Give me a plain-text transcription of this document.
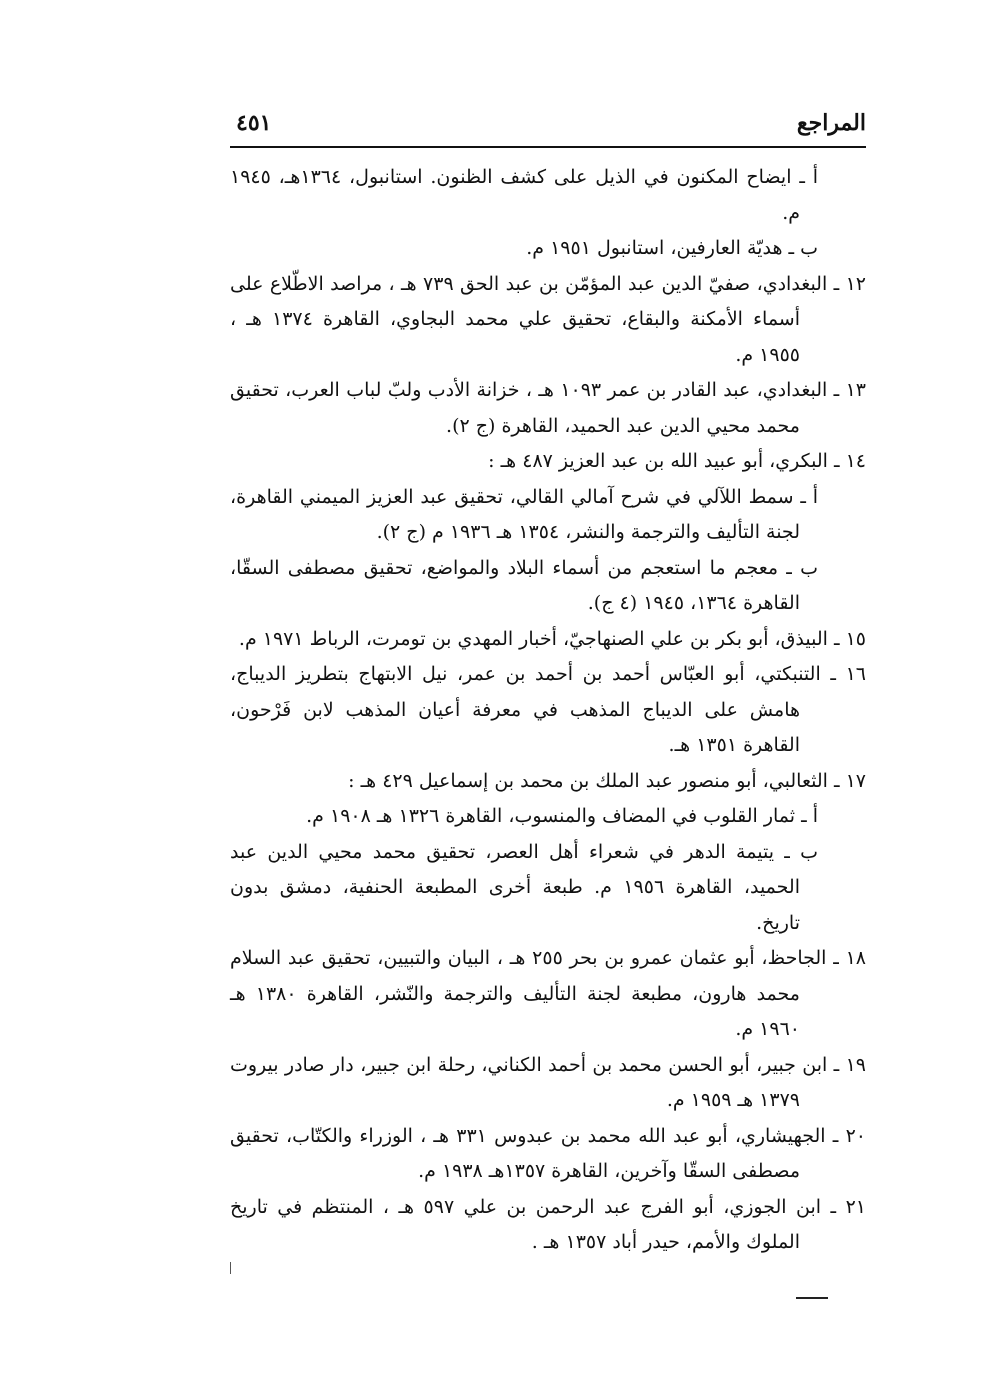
المراجع
٤٥١
أ ـ ايضاح المكنون في الذيل على كشف الظنون. استانبول، ١٣٦٤هـ، ١٩٤٥ م.
ب ـ هديّة العارفين، استانبول ١٩٥١ م.
١٢ ـ البغدادي، صفيّ الدين عبد المؤمّن بن عبد الحق ٧٣٩ هـ ، مراصد الاطّلاع على أسماء الأمكنة والبقاع، تحقيق علي محمد البجاوي، القاهرة ١٣٧٤ هـ ، ١٩٥٥ م.
١٣ ـ البغدادي، عبد القادر بن عمر ١٠٩٣ هـ ، خزانة الأدب ولبّ لباب العرب، تحقيق محمد محيي الدين عبد الحميد، القاهرة (ج ٢).
١٤ ـ البكري، أبو عبيد الله بن عبد العزيز ٤٨٧ هـ :
أ ـ سمط اللآلي في شرح آمالي القالي، تحقيق عبد العزيز الميمني القاهرة، لجنة التأليف والترجمة والنشر، ١٣٥٤ هـ ١٩٣٦ م (ج ٢).
ب ـ معجم ما استعجم من أسماء البلاد والمواضع، تحقيق مصطفى السقّا، القاهرة ١٣٦٤، ١٩٤٥ (٤ ج).
١٥ ـ البيذق، أبو بكر بن علي الصنهاجيّ، أخبار المهدي بن تومرت، الرباط ١٩٧١ م.
١٦ ـ التنبكتي، أبو العبّاس أحمد بن أحمد بن عمر، نيل الابتهاج بتطريز الديباج، هامش على الديباج المذهب في معرفة أعيان المذهب لابن فَرْحون، القاهرة ١٣٥١ هـ.
١٧ ـ الثعالبي، أبو منصور عبد الملك بن محمد بن إسماعيل ٤٢٩ هـ :
أ ـ ثمار القلوب في المضاف والمنسوب، القاهرة ١٣٢٦ هـ ١٩٠٨ م.
ب ـ يتيمة الدهر في شعراء أهل العصر، تحقيق محمد محيي الدين عبد الحميد، القاهرة ١٩٥٦ م. طبعة أخرى المطبعة الحنفية، دمشق بدون تاريخ.
١٨ ـ الجاحظ، أبو عثمان عمرو بن بحر ٢٥٥ هـ ، البيان والتبيين، تحقيق عبد السلام محمد هارون، مطبعة لجنة التأليف والترجمة والنّشر، القاهرة ١٣٨٠ هـ ١٩٦٠ م.
١٩ ـ ابن جبير، أبو الحسن محمد بن أحمد الكناني، رحلة ابن جبير، دار صادر بيروت ١٣٧٩ هـ ١٩٥٩ م.
٢٠ ـ الجهيشاري، أبو عبد الله محمد بن عبدوس ٣٣١ هـ ، الوزراء والكتّاب، تحقيق مصطفى السقّا وآخرين، القاهرة ١٣٥٧هـ ١٩٣٨ م.
٢١ ـ ابن الجوزي، أبو الفرج عبد الرحمن بن علي ٥٩٧ هـ ، المنتظم في تاريخ الملوك والأمم، حيدر أباد ١٣٥٧ هـ .
